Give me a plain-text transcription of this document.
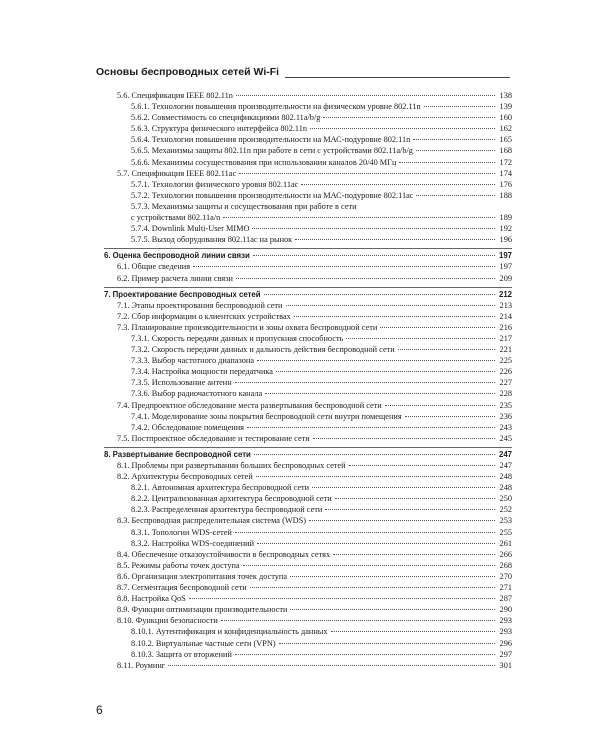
Основы беспроводных сетей Wi-Fi
5.6. Спецификация IEEE 802.11n	138
5.6.1. Технологии повышения производительности на физическом уровне 802.11n	139
5.6.2. Совместимость со спецификациями 802.11a/b/g	160
5.6.3. Структура физического интерфейса 802.11n	162
5.6.4. Технологии повышения производительности на МАС-подуровне 802.11n	165
5.6.5. Механизмы защиты 802.11n при работе в сети с устройствами 802.11a/b/g	168
5.6.6. Механизмы сосуществования при использовании каналов 20/40 МГц	172
5.7. Спецификация IEEE 802.11ac	174
5.7.1. Технологии физического уровня 802.11ac	176
5.7.2. Технологии повышения производительности на МАС-подуровне 802.11ac	188
5.7.3. Механизмы защиты и сосуществования при работе в сети
с устройствами 802.11a/n	189
5.7.4. Downlink Multi-User MIMO	192
5.7.5. Выход оборудования 802.11ac на рынок	196
6. Оценка беспроводной линии связи	197
6.1. Общие сведения	197
6.2. Пример расчета линии связи	209
7. Проектирование беспроводных сетей	212
7.1. Этапы проектирования беспроводной сети	213
7.2. Сбор информации о клиентских устройствах	214
7.3. Планирование производительности и зоны охвата беспроводной сети	216
7.3.1. Скорость передачи данных и пропускная способность	217
7.3.2. Скорость передачи данных и дальность действия беспроводной сети	221
7.3.3. Выбор частотного диапазона	225
7.3.4. Настройка мощности передатчика	226
7.3.5. Использование антенн	227
7.3.6. Выбор радиочастотного канала	228
7.4. Предпроектное обследование места развертывания беспроводной сети	235
7.4.1. Моделирование зоны покрытия беспроводной сети внутри помещения	236
7.4.2. Обследование помещения	243
7.5. Постпроектное обследование и тестирование сети	245
8. Развертывание беспроводной сети	247
8.1. Проблемы при развертывании больших беспроводных сетей	247
8.2. Архитектуры беспроводных сетей	248
8.2.1. Автономная архитектура беспроводной сети	248
8.2.2. Централизованная архитектура беспроводной сети	250
8.2.3. Распределенная архитектура беспроводной сети	252
8.3. Беспроводная распределительная система (WDS)	253
8.3.1. Топологии WDS-сетей	255
8.3.2. Настройка WDS-соединений	261
8.4. Обеспечение отказоустойчивости в беспроводных сетях	266
8.5. Режимы работы точек доступа	268
8.6. Организация электропитания точек доступа	270
8.7. Сегментация беспроводной сети	271
8.8. Настройка QoS	287
8.9. Функции оптимизации производительности	290
8.10. Функции безопасности	293
8.10.1. Аутентификация и конфиденциальность данных	293
8.10.2. Виртуальные частные сети (VPN)	296
8.10.3. Защита от вторжений	297
8.11. Роуминг	301
6
